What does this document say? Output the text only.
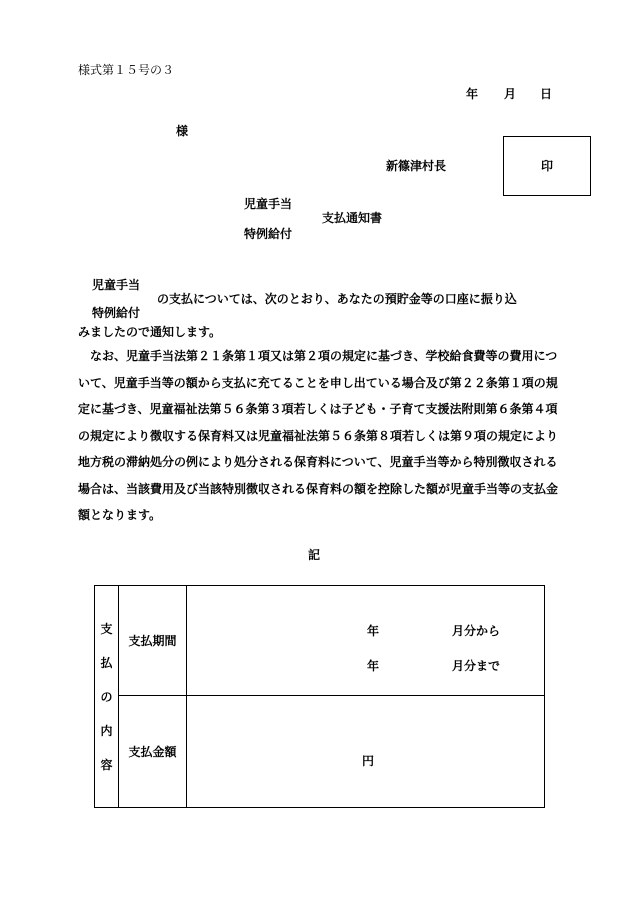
様式第１５号の３
年 月 日
様
新篠津村長	印
児童手当
支払通知書
特例給付
児童手当
特例給付
の支払については、次のとおり、あなたの預貯金等の口座に振り込
みましたので通知します。
なお、児童手当法第２１条第１項又は第２項の規定に基づき、学校給食費等の費用について、児童手当等の額から支払に充てることを申し出ている場合及び第２２条第１項の規定に基づき、児童福祉法第５６条第３項若しくは子ども・子育て支援法附則第６条第４項の規定により徴収する保育料又は児童福祉法第５６条第８項若しくは第９項の規定により地方税の滞納処分の例により処分される保育料について、児童手当等から特別徴収される場合は、当該費用及び当該特別徴収される保育料の額を控除した額が児童手当等の支払金額となります。
記
支
払
の
内
容	支払期間	年 月分から
年 月分まで

	支払金額	円
